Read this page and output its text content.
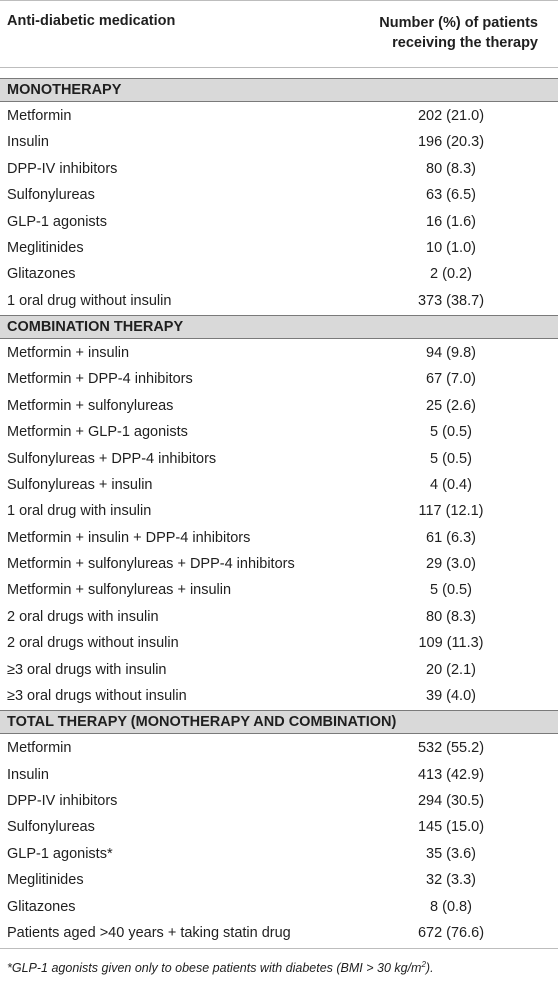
Anti-diabetic medication	Number (%) of patients receiving the therapy
MONOTHERAPY
Metformin	202 (21.0)
Insulin	196 (20.3)
DPP-IV inhibitors	80 (8.3)
Sulfonylureas	63 (6.5)
GLP-1 agonists	16 (1.6)
Meglitinides	10 (1.0)
Glitazones	2 (0.2)
1 oral drug without insulin	373 (38.7)
COMBINATION THERAPY
Metformin + insulin	94 (9.8)
Metformin + DPP-4 inhibitors	67 (7.0)
Metformin + sulfonylureas	25 (2.6)
Metformin + GLP-1 agonists	5 (0.5)
Sulfonylureas + DPP-4 inhibitors	5 (0.5)
Sulfonylureas + insulin	4 (0.4)
1 oral drug with insulin	117 (12.1)
Metformin + insulin + DPP-4 inhibitors	61 (6.3)
Metformin + sulfonylureas + DPP-4 inhibitors	29 (3.0)
Metformin + sulfonylureas + insulin	5 (0.5)
2 oral drugs with insulin	80 (8.3)
2 oral drugs without insulin	109 (11.3)
≥3 oral drugs with insulin	20 (2.1)
≥3 oral drugs without insulin	39 (4.0)
TOTAL THERAPY (MONOTHERAPY AND COMBINATION)
Metformin	532 (55.2)
Insulin	413 (42.9)
DPP-IV inhibitors	294 (30.5)
Sulfonylureas	145 (15.0)
GLP-1 agonists*	35 (3.6)
Meglitinides	32 (3.3)
Glitazones	8 (0.8)
Patients aged >40 years + taking statin drug	672 (76.6)
*GLP-1 agonists given only to obese patients with diabetes (BMI > 30 $kg/m^2$).
